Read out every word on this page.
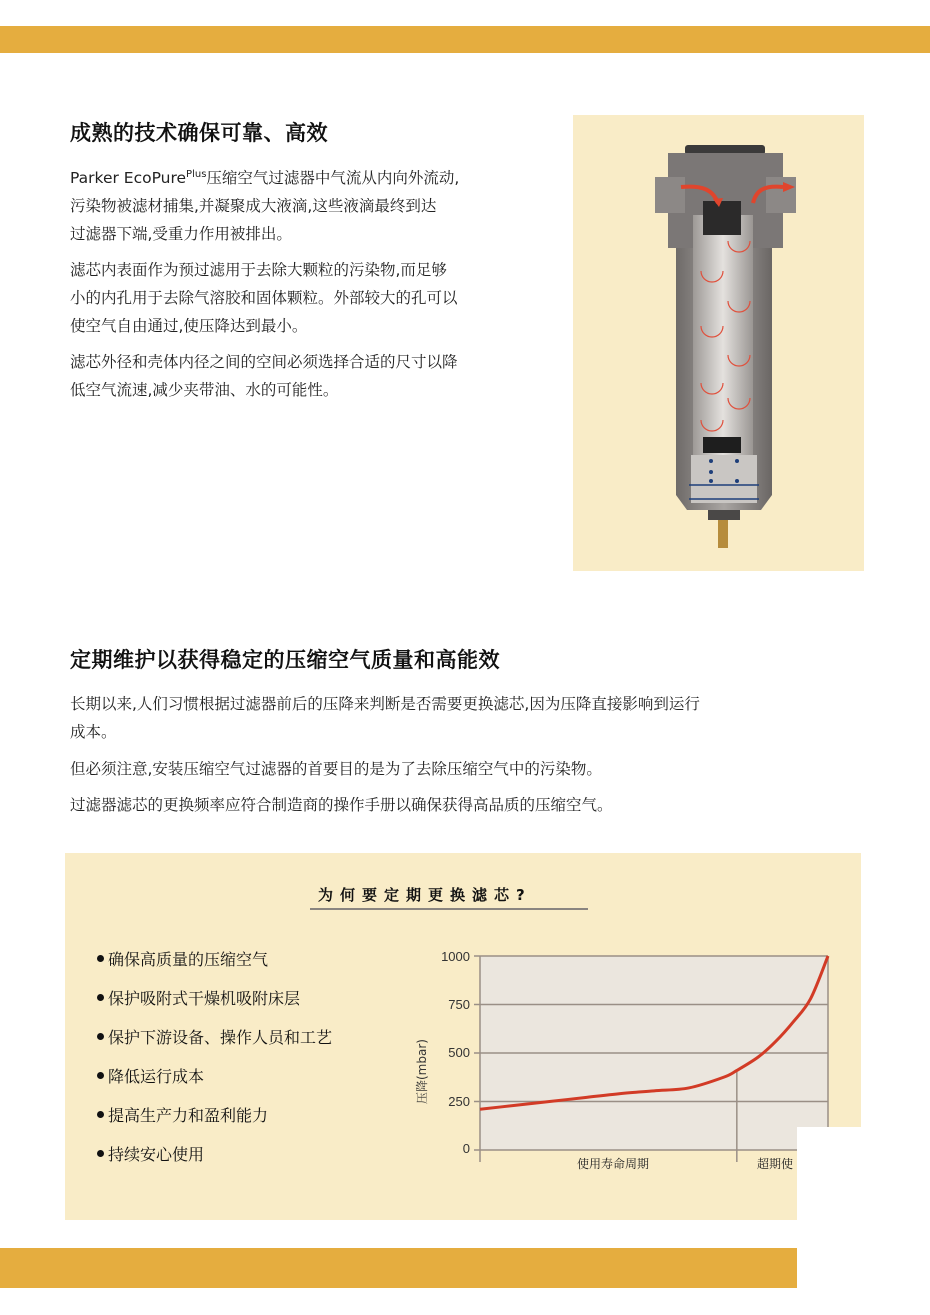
成熟的技术确保可靠、高效
Parker EcoPure$^{Plus}$压缩空气过滤器中气流从内向外流动,
污染物被滤材捕集,并凝聚成大液滴,这些液滴最终到达
过滤器下端,受重力作用被排出。
滤芯内表面作为预过滤用于去除大颗粒的污染物,而足够
小的内孔用于去除气溶胶和固体颗粒。外部较大的孔可以
使空气自由通过,使压降达到最小。
滤芯外径和壳体内径之间的空间必须选择合适的尺寸以降
低空气流速,减少夹带油、水的可能性。
定期维护以获得稳定的压缩空气质量和高能效
长期以来,人们习惯根据过滤器前后的压降来判断是否需要更换滤芯,因为压降直接影响到运行
成本。
但必须注意,安装压缩空气过滤器的首要目的是为了去除压缩空气中的污染物。
过滤器滤芯的更换频率应符合制造商的操作手册以确保获得高品质的压缩空气。
为何要定期更换滤芯?
确保高质量的压缩空气
保护吸附式干燥机吸附床层
保护下游设备、操作人员和工艺
降低运行成本
提高生产力和盈利能力
持续安心使用
1000
750
500
250
0
压降(mbar)
使用寿命周期	超期使
